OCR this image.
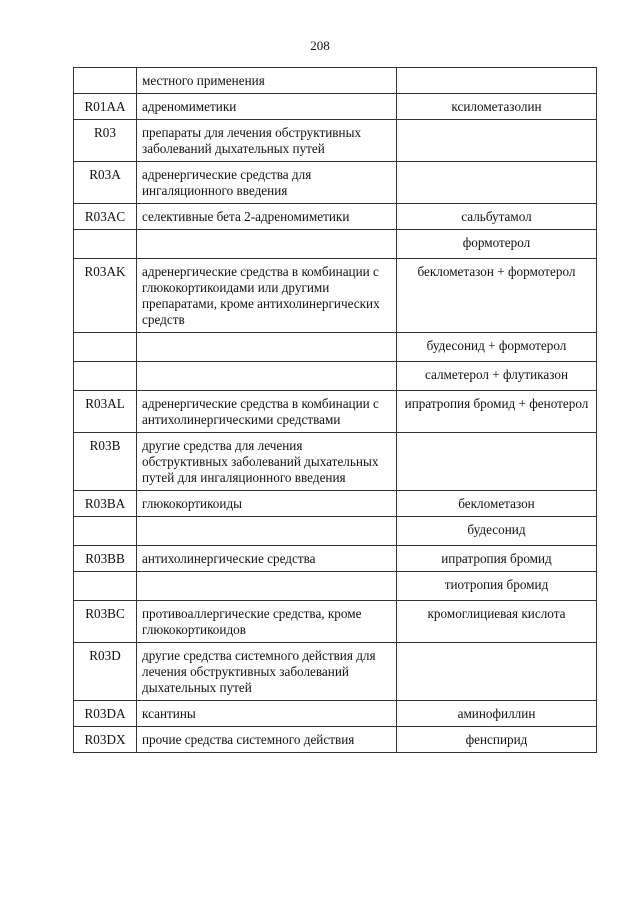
208
	местного применения	
R01AA	адреномиметики	ксилометазолин
R03	препараты для лечения обструктивных заболеваний дыхательных путей	
R03A	адренергические средства для ингаляционного введения	
R03AC	селективные бета 2-адреномиметики	сальбутамол
		формотерол
R03AK	адренергические средства в комбинации с глюкокортикоидами или другими препаратами, кроме антихолинергических средств	беклометазон + формотерол
		будесонид + формотерол
		салметерол + флутиказон
R03AL	адренергические средства в комбинации с антихолинергическими средствами	ипратропия бромид + фенотерол
R03B	другие средства для лечения обструктивных заболеваний дыхательных путей для ингаляционного введения	
R03BA	глюкокортикоиды	беклометазон
		будесонид
R03BB	антихолинергические средства	ипратропия бромид
		тиотропия бромид
R03BC	противоаллергические средства, кроме глюкокортикоидов	кромоглициевая кислота
R03D	другие средства системного действия для лечения обструктивных заболеваний дыхательных путей	
R03DA	ксантины	аминофиллин
R03DX	прочие средства системного действия	фенспирид
